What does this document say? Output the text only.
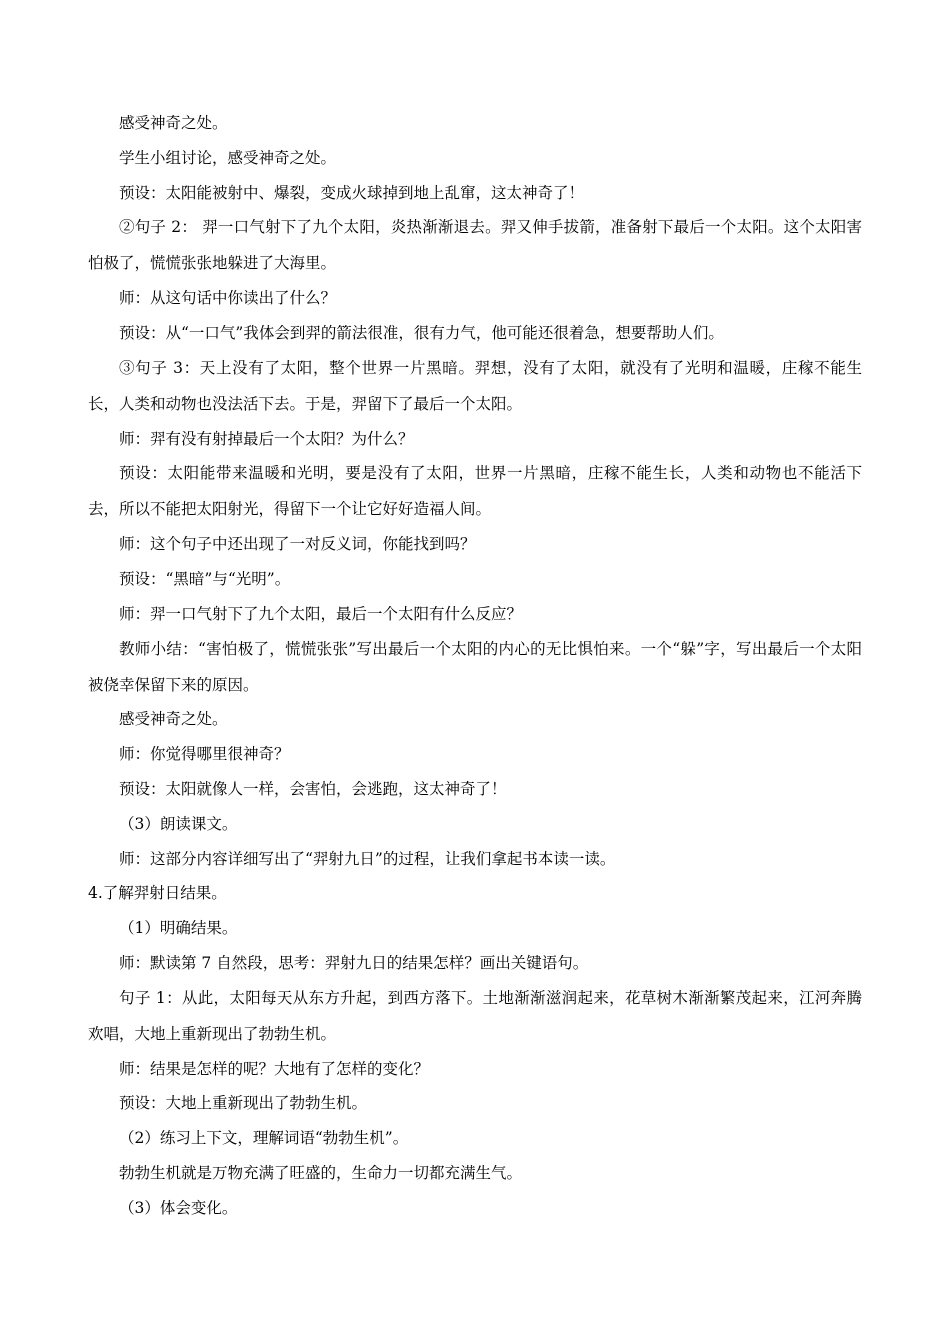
感受神奇之处。

学生小组讨论，感受神奇之处。

预设：太阳能被射中、爆裂，变成火球掉到地上乱窜，这太神奇了！

②句子 2： 羿一口气射下了九个太阳，炎热渐渐退去。羿又伸手拔箭，准备射下最后一个太阳。这个太阳害怕极了，慌慌张张地躲进了大海里。

师：从这句话中你读出了什么？

预设：从“一口气”我体会到羿的箭法很准，很有力气，他可能还很着急，想要帮助人们。

③句子 3：天上没有了太阳，整个世界一片黑暗。羿想，没有了太阳，就没有了光明和温暖，庄稼不能生长，人类和动物也没法活下去。于是，羿留下了最后一个太阳。

师：羿有没有射掉最后一个太阳？为什么？

预设：太阳能带来温暖和光明，要是没有了太阳，世界一片黑暗，庄稼不能生长，人类和动物也不能活下去，所以不能把太阳射光，得留下一个让它好好造福人间。

师：这个句子中还出现了一对反义词，你能找到吗？

预设：“黑暗”与“光明”。

师：羿一口气射下了九个太阳，最后一个太阳有什么反应？

教师小结：“害怕极了，慌慌张张”写出最后一个太阳的内心的无比惧怕来。一个“躲”字，写出最后一个太阳被侥幸保留下来的原因。

感受神奇之处。

师：你觉得哪里很神奇？

预设：太阳就像人一样，会害怕，会逃跑，这太神奇了！

（3）朗读课文。

师：这部分内容详细写出了“羿射九日”的过程，让我们拿起书本读一读。

4.了解羿射日结果。

（1）明确结果。

师：默读第 7 自然段，思考：羿射九日的结果怎样？画出关键语句。

句子 1：从此，太阳每天从东方升起，到西方落下。土地渐渐滋润起来，花草树木渐渐繁茂起来，江河奔腾欢唱，大地上重新现出了勃勃生机。

师：结果是怎样的呢？大地有了怎样的变化？

预设：大地上重新现出了勃勃生机。

（2）练习上下文，理解词语“勃勃生机”。

勃勃生机就是万物充满了旺盛的，生命力一切都充满生气。

（3）体会变化。
